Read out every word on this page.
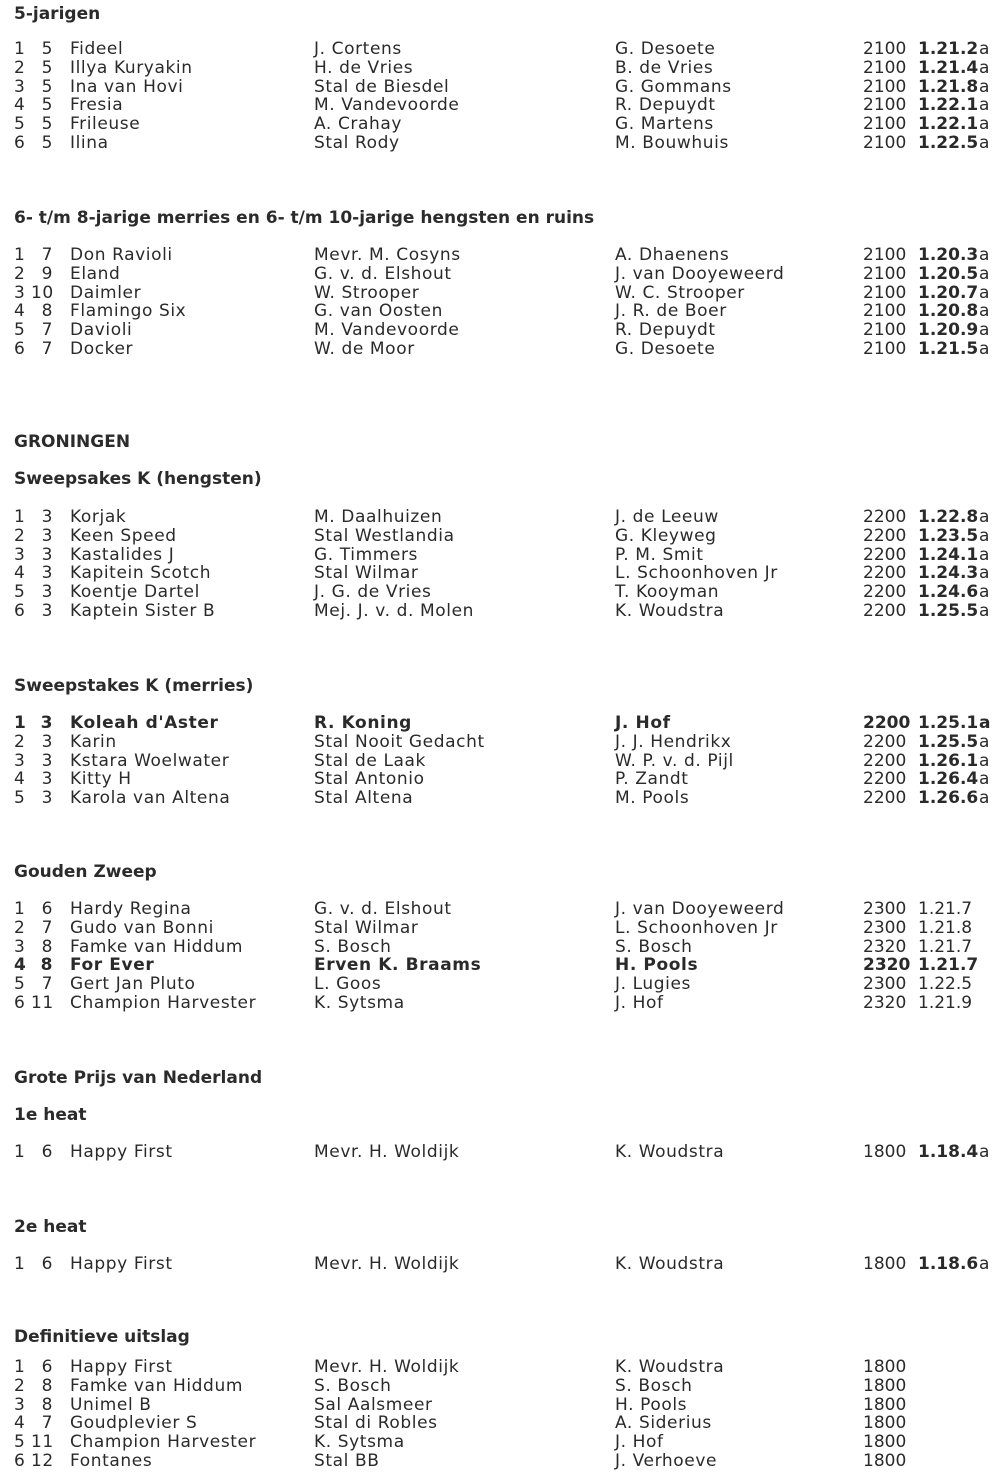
5-jarigen
1 5 Fideel	J. Cortens	G. Desoete	2100 1.21.2 a
2 5 Illya Kuryakin	H. de Vries	B. de Vries	2100 1.21.4 a
3 5 Ina van Hovi	Stal de Biesdel	G. Gommans	2100 1.21.8 a
4 5 Fresia	M. Vandevoorde	R. Depuydt	2100 1.22.1 a
5 5 Frileuse	A. Crahay	G. Martens	2100 1.22.1 a
6 5 Ilina	Stal Rody	M. Bouwhuis	2100 1.22.5 a
6- t/m 8-jarige merries en 6- t/m 10-jarige hengsten en ruins
1 7 Don Ravioli	Mevr. M. Cosyns	A. Dhaenens	2100 1.20.3 a
2 9 Eland	G. v. d. Elshout	J. van Dooyeweerd	2100 1.20.5 a
3 10 Daimler	W. Strooper	W. C. Strooper	2100 1.20.7 a
4 8 Flamingo Six	G. van Oosten	J. R. de Boer	2100 1.20.8 a
5 7 Davioli	M. Vandevoorde	R. Depuydt	2100 1.20.9 a
6 7 Docker	W. de Moor	G. Desoete	2100 1.21.5 a
GRONINGEN
Sweepsakes K (hengsten)
1 3 Korjak	M. Daalhuizen	J. de Leeuw	2200 1.22.8 a
2 3 Keen Speed	Stal Westlandia	G. Kleyweg	2200 1.23.5 a
3 3 Kastalides J	G. Timmers	P. M. Smit	2200 1.24.1 a
4 3 Kapitein Scotch	Stal Wilmar	L. Schoonhoven Jr	2200 1.24.3 a
5 3 Koentje Dartel	J. G. de Vries	T. Kooyman	2200 1.24.6 a
6 3 Kaptein Sister B	Mej. J. v. d. Molen	K. Woudstra	2200 1.25.5 a
Sweepstakes K (merries)
1 3 Koleah d'Aster	R. Koning	J. Hof	2200 1.25.1 a
2 3 Karin	Stal Nooit Gedacht	J. J. Hendrikx	2200 1.25.5 a
3 3 Kstara Woelwater	Stal de Laak	W. P. v. d. Pijl	2200 1.26.1 a
4 3 Kitty H	Stal Antonio	P. Zandt	2200 1.26.4 a
5 3 Karola van Altena	Stal Altena	M. Pools	2200 1.26.6 a
Gouden Zweep
1 6 Hardy Regina	G. v. d. Elshout	J. van Dooyeweerd	2300 1.21.7
2 7 Gudo van Bonni	Stal Wilmar	L. Schoonhoven Jr	2300 1.21.8
3 8 Famke van Hiddum	S. Bosch	S. Bosch	2320 1.21.7
4 8 For Ever	Erven K. Braams	H. Pools	2320 1.21.7
5 7 Gert Jan Pluto	L. Goos	J. Lugies	2300 1.22.5
6 11 Champion Harvester	K. Sytsma	J. Hof	2320 1.21.9
Grote Prijs van Nederland
1e heat
1 6 Happy First	Mevr. H. Woldijk	K. Woudstra	1800 1.18.4 a
2e heat
1 6 Happy First	Mevr. H. Woldijk	K. Woudstra	1800 1.18.6 a
Definitieve uitslag
1 6 Happy First	Mevr. H. Woldijk	K. Woudstra	1800
2 8 Famke van Hiddum	S. Bosch	S. Bosch	1800
3 8 Unimel B	Sal Aalsmeer	H. Pools	1800
4 7 Goudplevier S	Stal di Robles	A. Siderius	1800
5 11 Champion Harvester	K. Sytsma	J. Hof	1800
6 12 Fontanes	Stal BB	J. Verhoeve	1800
